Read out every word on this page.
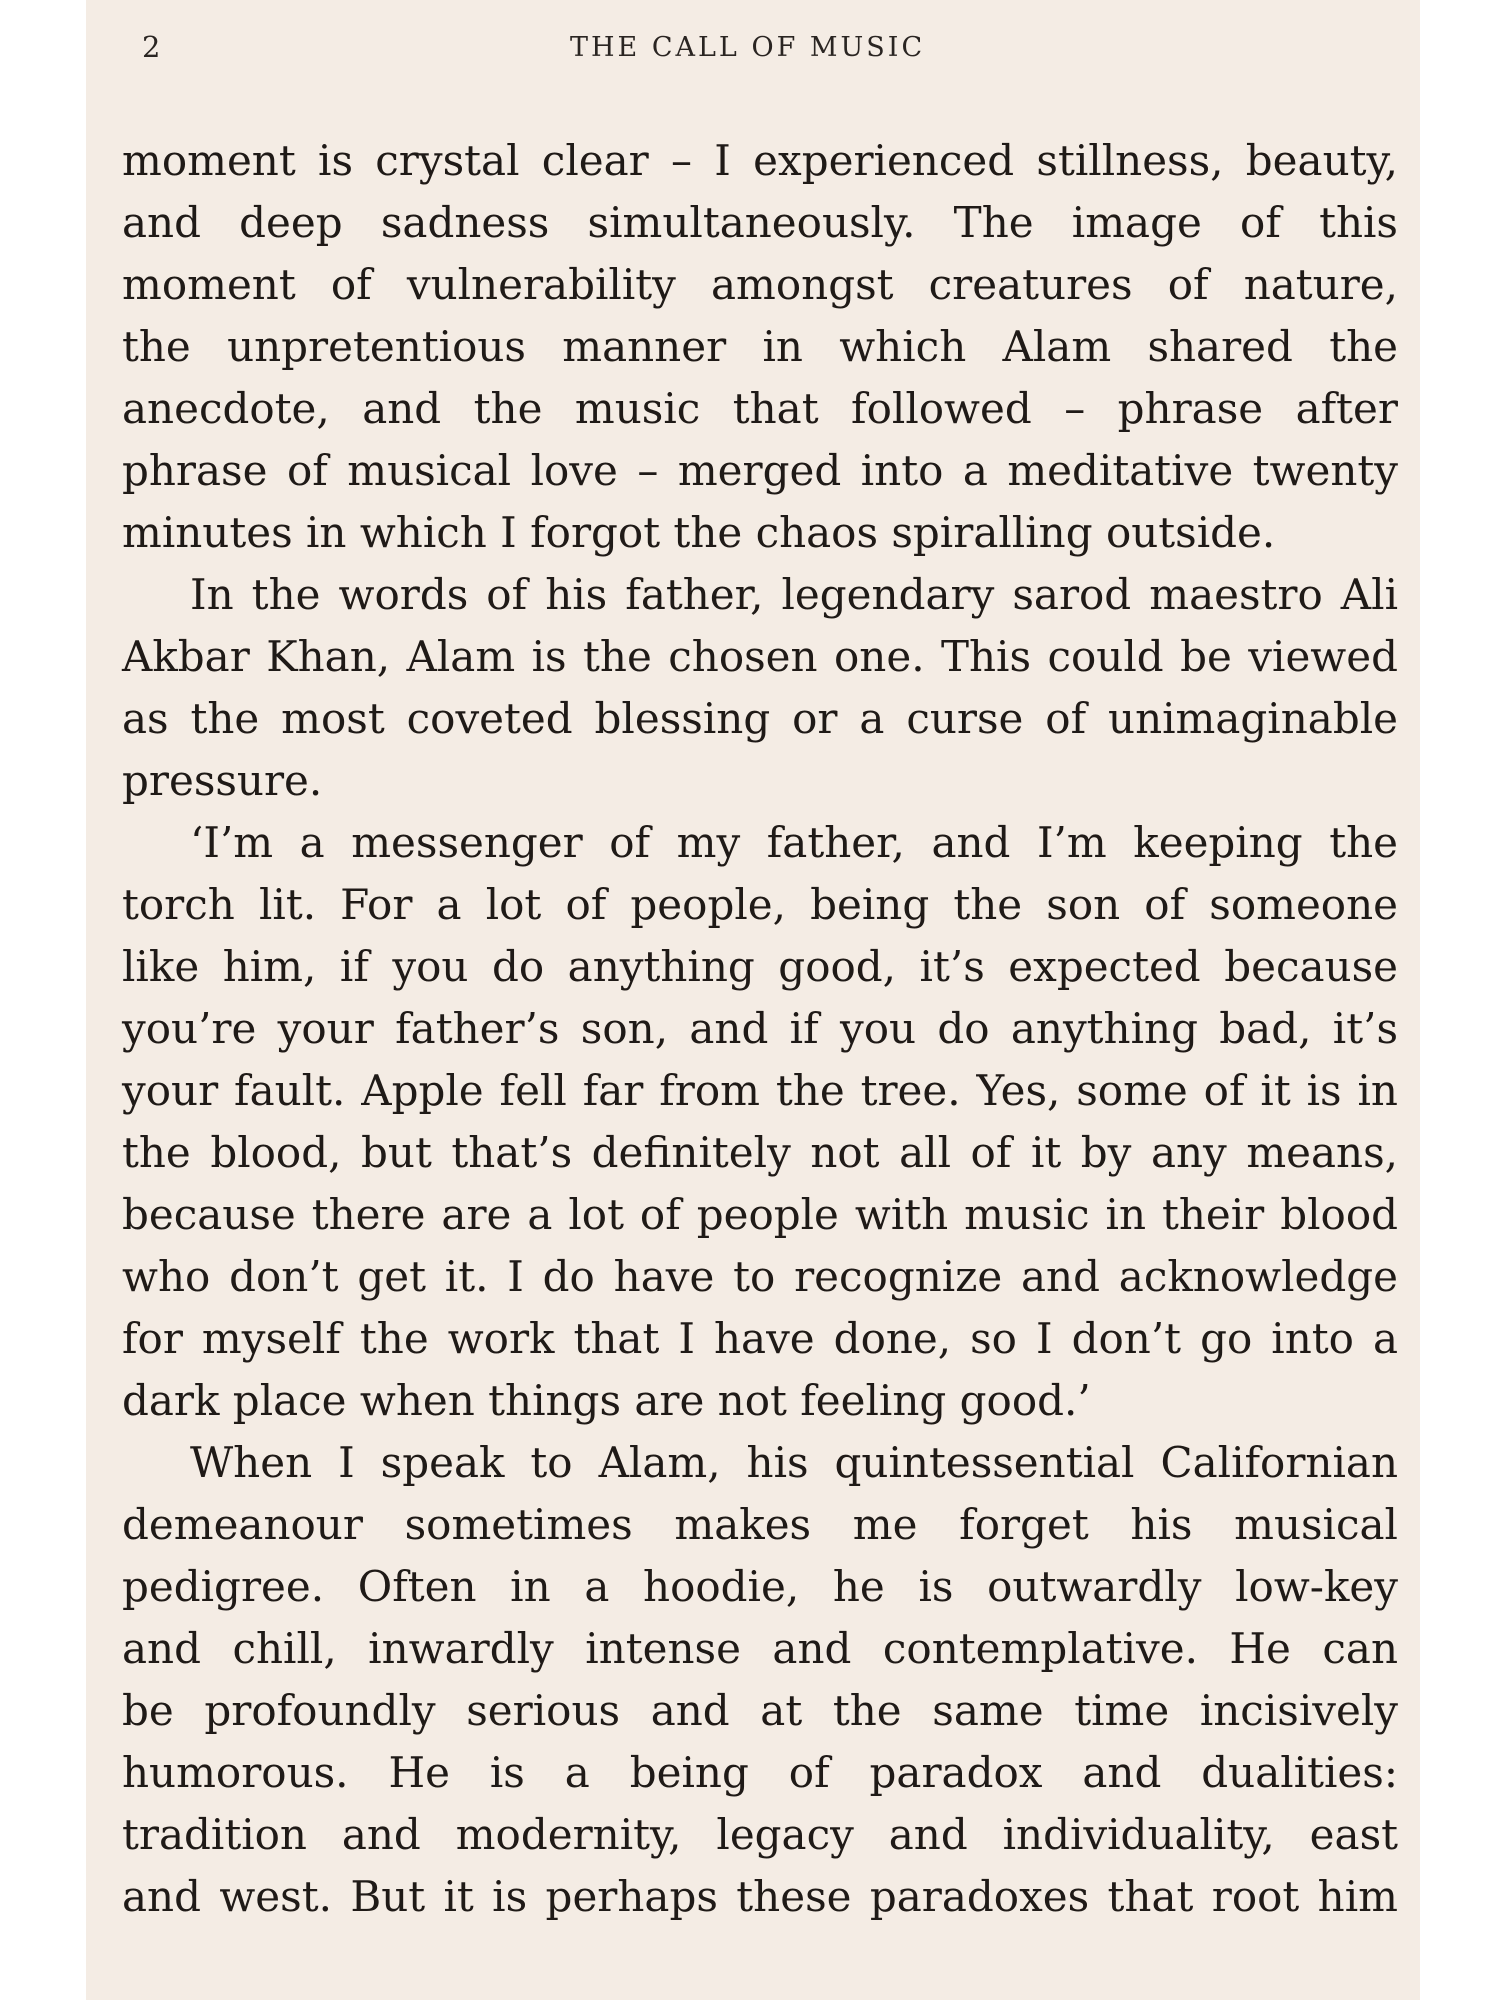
2	THE CALL OF MUSIC
moment is crystal clear – I experienced stillness, beauty,
and deep sadness simultaneously. The image of this
moment of vulnerability amongst creatures of nature,
the unpretentious manner in which Alam shared the
anecdote, and the music that followed – phrase after
phrase of musical love – merged into a meditative twenty
minutes in which I forgot the chaos spiralling outside.
In the words of his father, legendary sarod maestro Ali
Akbar Khan, Alam is the chosen one. This could be viewed
as the most coveted blessing or a curse of unimaginable
pressure.
‘I’m a messenger of my father, and I’m keeping the
torch lit. For a lot of people, being the son of someone
like him, if you do anything good, it’s expected because
you’re your father’s son, and if you do anything bad, it’s
your fault. Apple fell far from the tree. Yes, some of it is in
the blood, but that’s definitely not all of it by any means,
because there are a lot of people with music in their blood
who don’t get it. I do have to recognize and acknowledge
for myself the work that I have done, so I don’t go into a
dark place when things are not feeling good.’
When I speak to Alam, his quintessential Californian
demeanour sometimes makes me forget his musical
pedigree. Often in a hoodie, he is outwardly low-key
and chill, inwardly intense and contemplative. He can
be profoundly serious and at the same time incisively
humorous. He is a being of paradox and dualities:
tradition and modernity, legacy and individuality, east
and west. But it is perhaps these paradoxes that root him
